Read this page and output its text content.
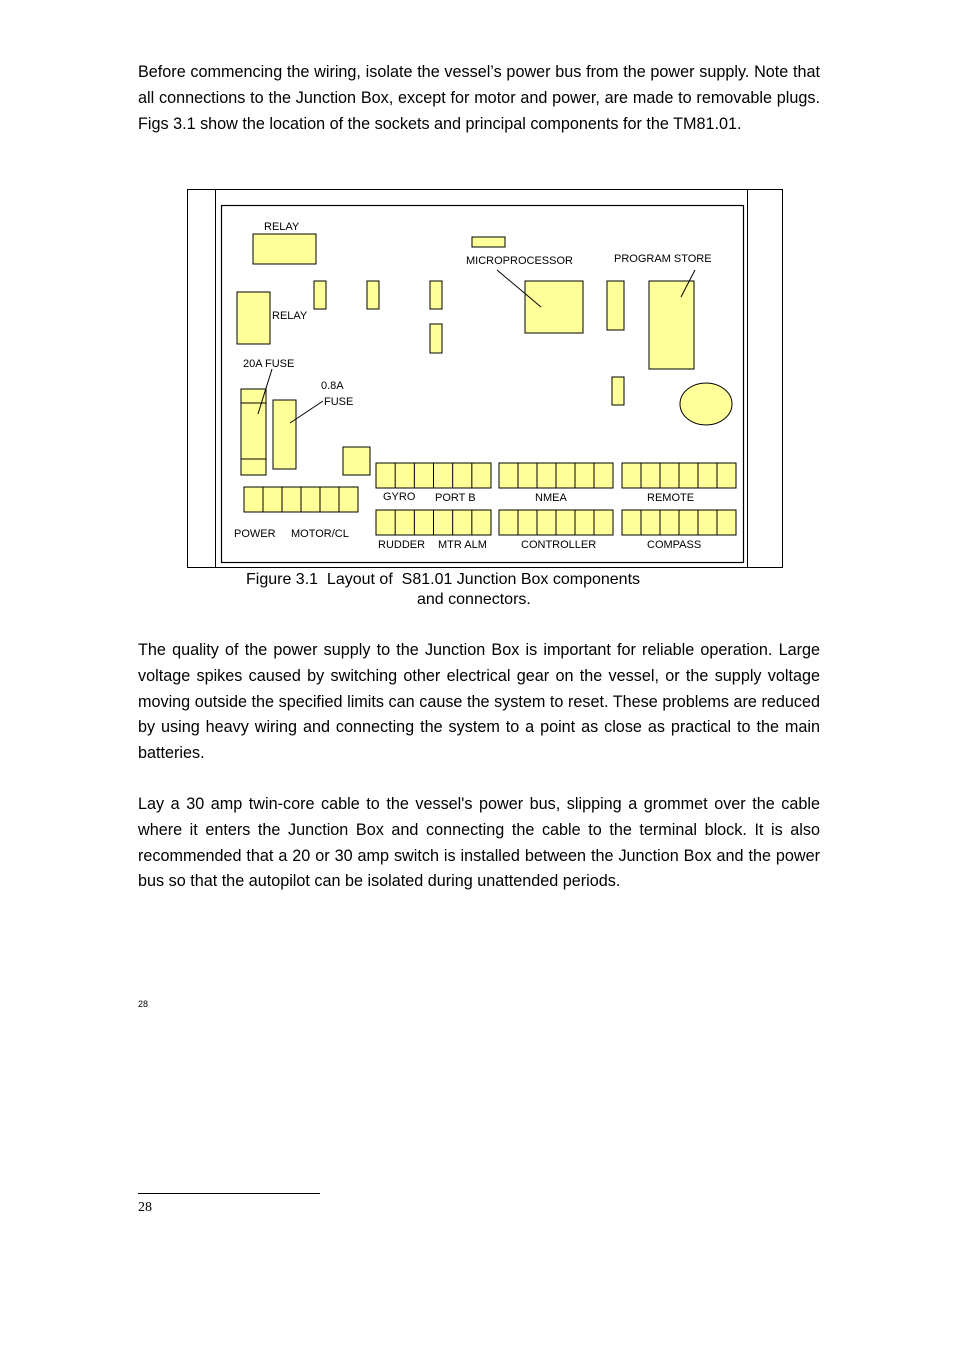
Before commencing the wiring, isolate the vessel’s power bus from the power supply. Note that all connections to the Junction Box, except for motor and power, are made to removable plugs. Figs 3.1 show the location of the sockets and principal components for the TM81.01.

RELAY
RELAY
MICROPROCESSOR	PROGRAM STORE
20A FUSE
0.8A
FUSE
POWER MOTOR/CL
GYRO PORT B	NMEA	REMOTE
RUDDER MTR ALM	CONTROLLER	COMPASS
Figure 3.1  Layout of  S81.01 Junction Box components
and connectors.

The quality of the power supply to the Junction Box is important for reliable operation. Large voltage spikes caused by switching other electrical gear on the vessel, or the supply voltage moving outside the specified limits can cause the system to reset. These problems are reduced by using heavy wiring and connecting the system to a point as close as practical to the main batteries.

Lay a 30 amp twin-core cable to the vessel's power bus, slipping a grommet over the cable where it enters the Junction Box and connecting the cable to the terminal block. It is also recommended that a 20 or 30 amp switch is installed between the Junction Box and the power bus so that the autopilot can be isolated during unattended periods.

28
28
